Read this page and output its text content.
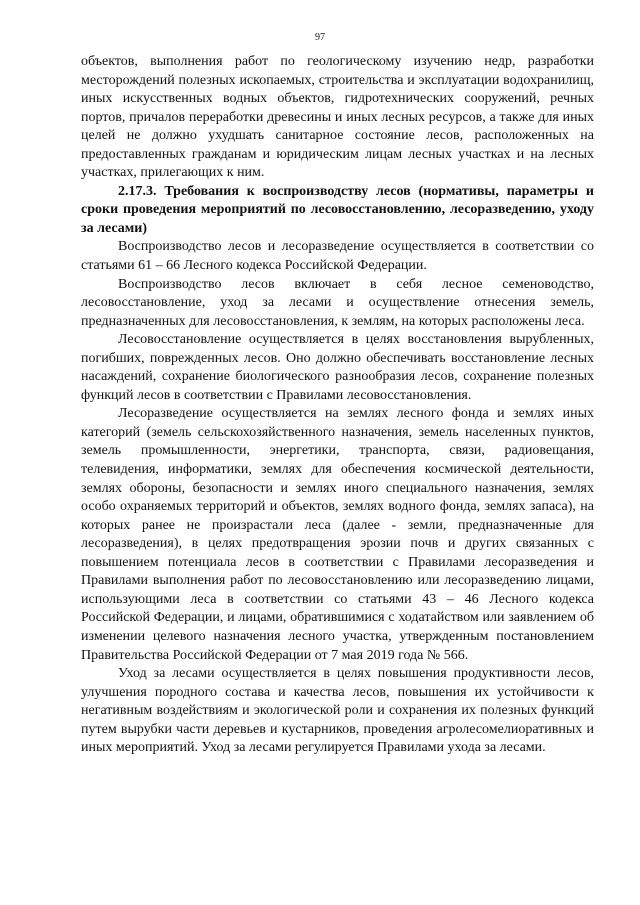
97

объектов, выполнения работ по геологическому изучению недр, разработки месторождений полезных ископаемых, строительства и эксплуатации водохранилищ, иных искусственных водных объектов, гидротехнических сооружений, речных портов, причалов переработки древесины и иных лесных ресурсов, а также для иных целей не должно ухудшать санитарное состояние лесов, расположенных на предоставленных гражданам и юридическим лицам лесных участках и на лесных участках, прилегающих к ним.

2.17.3. Требования к воспроизводству лесов (нормативы, параметры и сроки проведения мероприятий по лесовосстановлению, лесоразведению, уходу за лесами)

Воспроизводство лесов и лесоразведение осуществляется в соответствии со статьями 61 – 66 Лесного кодекса Российской Федерации.

Воспроизводство лесов включает в себя лесное семеноводство, лесовосстановление, уход за лесами и осуществление отнесения земель, предназначенных для лесовосстановления, к землям, на которых расположены леса.

Лесовосстановление осуществляется в целях восстановления вырубленных, погибших, поврежденных лесов. Оно должно обеспечивать восстановление лесных насаждений, сохранение биологического разнообразия лесов, сохранение полезных функций лесов в соответствии с Правилами лесовосстановления.

Лесоразведение осуществляется на землях лесного фонда и землях иных категорий (земель сельскохозяйственного назначения, земель населенных пунктов, земель промышленности, энергетики, транспорта, связи, радиовещания, телевидения, информатики, землях для обеспечения космической деятельности, землях обороны, безопасности и землях иного специального назначения, землях особо охраняемых территорий и объектов, землях водного фонда, землях запаса), на которых ранее не произрастали леса (далее - земли, предназначенные для лесоразведения), в целях предотвращения эрозии почв и других связанных с повышением потенциала лесов в соответствии с Правилами лесоразведения и Правилами выполнения работ по лесовосстановлению или лесоразведению лицами, использующими леса в соответствии со статьями 43 – 46 Лесного кодекса Российской Федерации, и лицами, обратившимися с ходатайством или заявлением об изменении целевого назначения лесного участка, утвержденным постановлением Правительства Российской Федерации от 7 мая 2019 года № 566.

Уход за лесами осуществляется в целях повышения продуктивности лесов, улучшения породного состава и качества лесов, повышения их устойчивости к негативным воздействиям и экологической роли и сохранения их полезных функций путем вырубки части деревьев и кустарников, проведения агролесомелиоративных и иных мероприятий. Уход за лесами регулируется Правилами ухода за лесами.
